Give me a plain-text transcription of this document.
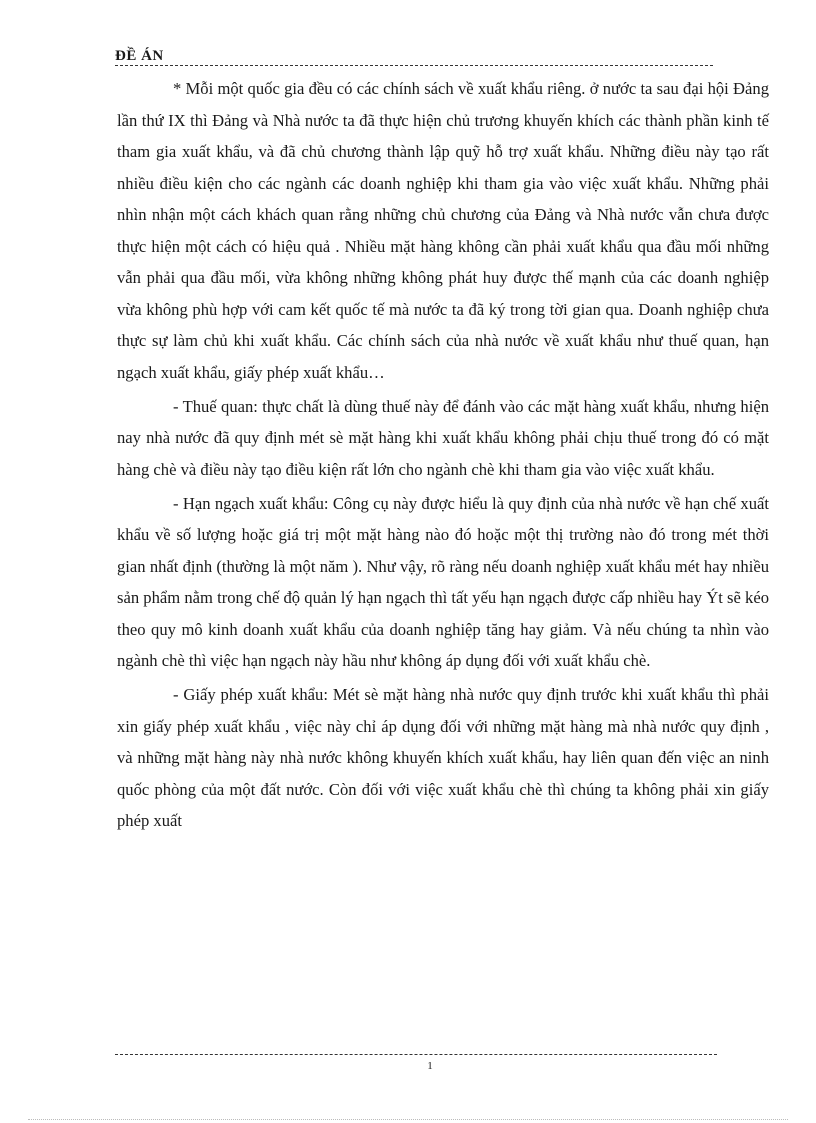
ĐỀ ÁN

* Mỗi một quốc gia đều có các chính sách về xuất khẩu riêng. ở nước ta sau đại hội Đảng lần thứ IX thì Đảng và Nhà nước ta đã thực hiện chủ trương khuyến khích các thành phần kinh tế tham gia xuất khẩu, và đã chủ chương thành lập quỹ hỗ trợ xuất khẩu. Những điều này tạo rất nhiều điều kiện cho các ngành các doanh nghiệp khi tham gia vào việc xuất khẩu. Những phải nhìn nhận một cách khách quan rằng những chủ chương của Đảng và Nhà nước vẫn chưa được thực hiện một cách có hiệu quả . Nhiều mặt hàng không cần phải xuất khẩu qua đầu mối những vẫn phải qua đầu mối, vừa không những không phát huy được thế mạnh của các doanh nghiệp vừa không phù hợp với cam kết quốc tế mà nước ta đã ký trong tời gian qua. Doanh nghiệp chưa thực sự làm chủ khi xuất khẩu. Các chính sách của nhà nước về xuất khẩu như thuế quan, hạn ngạch xuất khẩu, giấy phép xuất khẩu…

- Thuế quan: thực chất là dùng thuế này để đánh vào các mặt hàng xuất khẩu, nhưng hiện nay nhà nước đã quy định mét sè mặt hàng khi xuất khẩu không phải chịu thuế trong đó có mặt hàng chè và điều này tạo điều kiện rất lớn cho ngành chè khi tham gia vào việc xuất khẩu.

- Hạn ngạch xuất khẩu: Công cụ này được hiểu là quy định của nhà nước về hạn chế xuất khẩu về số lượng hoặc giá trị một mặt hàng nào đó hoặc một thị trường nào đó trong mét thời gian nhất định (thường là một năm ). Như vậy, rõ ràng nếu doanh nghiệp xuất khẩu mét hay nhiều sản phẩm nằm trong chế độ quản lý hạn ngạch thì tất yếu hạn ngạch được cấp nhiều hay Ýt sẽ kéo theo quy mô kinh doanh xuất khẩu của doanh nghiệp tăng hay giảm. Và nếu chúng ta nhìn vào ngành chè thì việc hạn ngạch này hầu như không áp dụng đối với xuất khẩu chè.

- Giấy phép xuất khẩu: Mét sè mặt hàng nhà nước quy định trước khi xuất khẩu thì phải xin giấy phép xuất khẩu , việc này chỉ áp dụng đối với những mặt hàng mà nhà nước quy định , và những mặt hàng này nhà nước không khuyến khích xuất khẩu, hay liên quan đến việc an ninh quốc phòng của một đất nước. Còn đối với việc xuất khẩu chè thì chúng ta không phải xin giấy phép xuất

1
